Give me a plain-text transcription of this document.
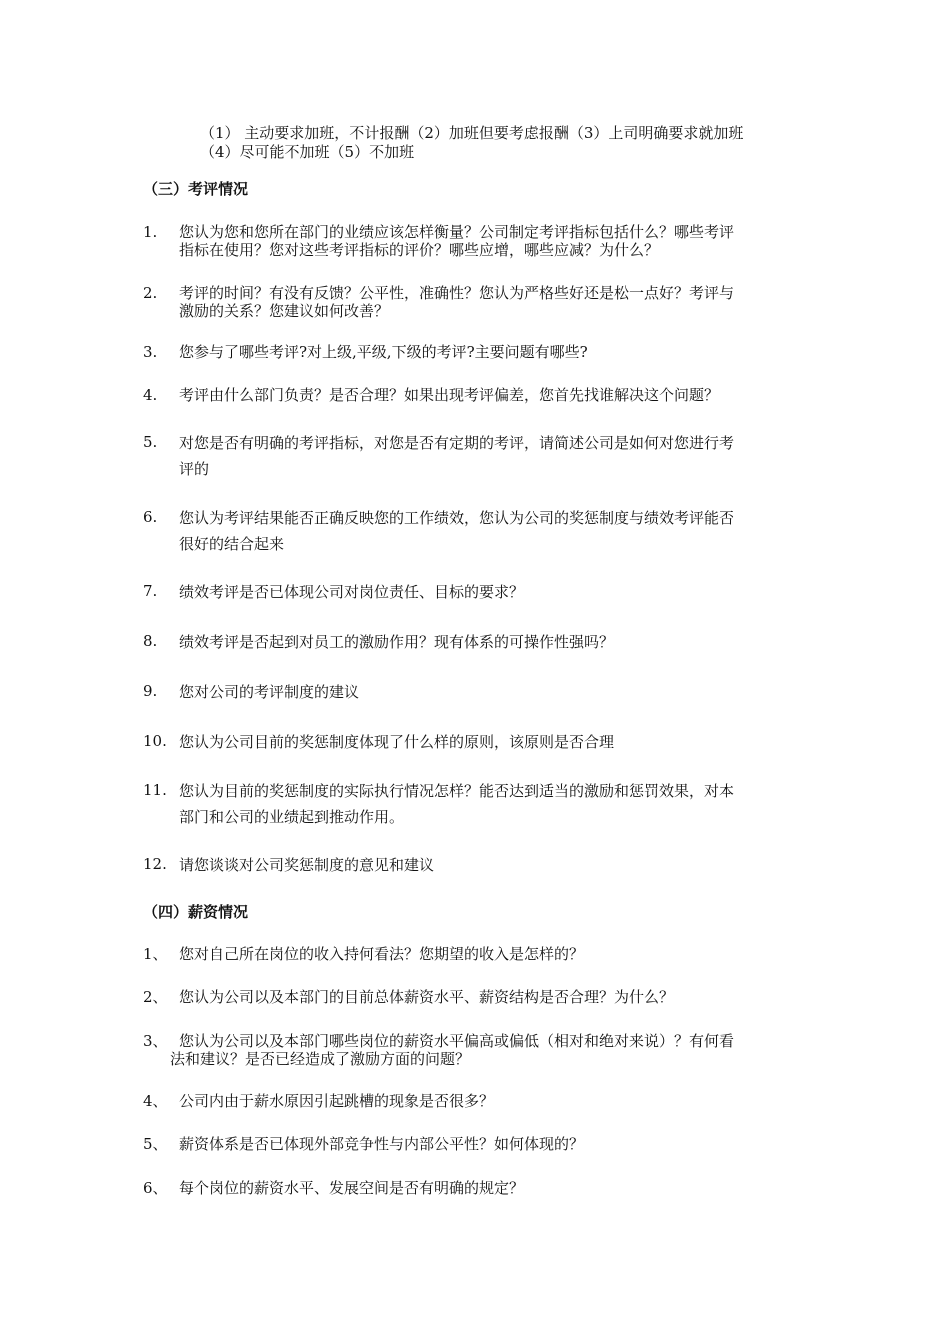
（1） 主动要求加班，不计报酬（2）加班但要考虑报酬（3）上司明确要求就加班
（4）尽可能不加班（5）不加班
（三）考评情况
1. 您认为您和您所在部门的业绩应该怎样衡量？公司制定考评指标包括什么？哪些考评
指标在使用？您对这些考评指标的评价？哪些应增，哪些应减？为什么？
2. 考评的时间？有没有反馈？公平性，准确性？您认为严格些好还是松一点好？考评与
激励的关系？您建议如何改善？
3. 您参与了哪些考评?对上级,平级,下级的考评?主要问题有哪些?
4. 考评由什么部门负责？是否合理？如果出现考评偏差，您首先找谁解决这个问题？
5. 对您是否有明确的考评指标，对您是否有定期的考评，请简述公司是如何对您进行考
评的
6. 您认为考评结果能否正确反映您的工作绩效，您认为公司的奖惩制度与绩效考评能否
很好的结合起来
7. 绩效考评是否已体现公司对岗位责任、目标的要求？
8. 绩效考评是否起到对员工的激励作用？现有体系的可操作性强吗？
9. 您对公司的考评制度的建议
10. 您认为公司目前的奖惩制度体现了什么样的原则，该原则是否合理
11. 您认为目前的奖惩制度的实际执行情况怎样？能否达到适当的激励和惩罚效果，对本
部门和公司的业绩起到推动作用。
12. 请您谈谈对公司奖惩制度的意见和建议
（四）薪资情况
1、 您对自己所在岗位的收入持何看法？您期望的收入是怎样的？
2、 您认为公司以及本部门的目前总体薪资水平、薪资结构是否合理？为什么？
3、 您认为公司以及本部门哪些岗位的薪资水平偏高或偏低（相对和绝对来说）？有何看
法和建议？是否已经造成了激励方面的问题？
4、 公司内由于薪水原因引起跳槽的现象是否很多？
5、 薪资体系是否已体现外部竞争性与内部公平性？如何体现的？
6、 每个岗位的薪资水平、发展空间是否有明确的规定？
